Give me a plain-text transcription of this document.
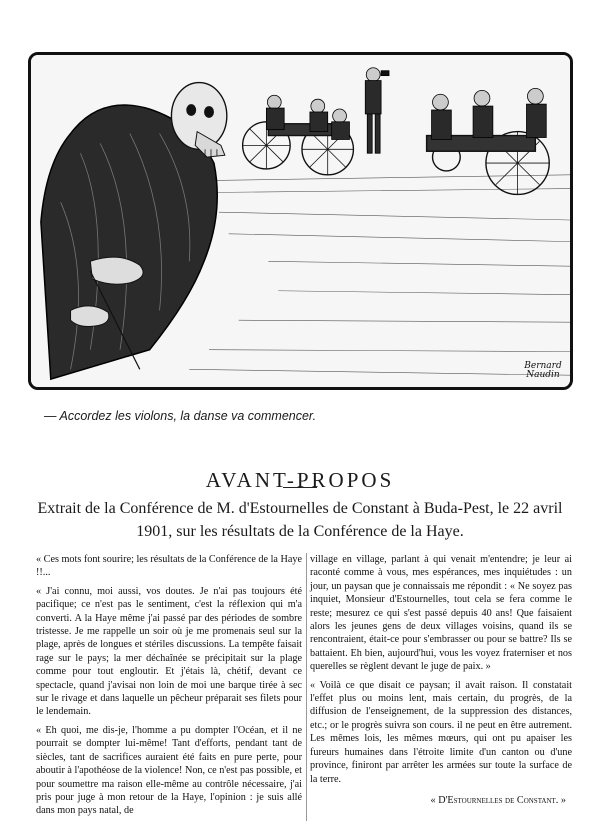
Bernard Naudin
— Accordez les violons, la danse va commencer.
AVANT-PROPOS
Extrait de la Conférence de M. d'Estournelles de Constant à Buda-Pest, le 22 avril 1901, sur les résultats de la Conférence de la Haye.

« Ces mots font sourire; les résultats de la Conférence de la Haye !!...

« J'ai connu, moi aussi, vos doutes. Je n'ai pas toujours été pacifique; ce n'est pas le sentiment, c'est la réflexion qui m'a converti. A la Haye même j'ai passé par des périodes de sombre tristesse. Je me rappelle un soir où je me promenais seul sur la plage, après de longues et stériles discussions. La tempête faisait rage sur le pays; la mer déchaînée se précipitait sur la plage comme pour tout engloutir. Et j'étais là, chétif, devant ce spectacle, quand j'avisai non loin de moi une barque tirée à sec sur le rivage et dans laquelle un pêcheur préparait ses filets pour le lendemain.

« Eh quoi, me dis-je, l'homme a pu dompter l'Océan, et il ne pourrait se dompter lui-même! Tant d'efforts, pendant tant de siècles, tant de sacrifices auraient été faits en pure perte, pour aboutir à l'apothéose de la violence! Non, ce n'est pas possible, et pour soumettre ma raison elle-même au contrôle nécessaire, j'ai pris pour juge à mon retour de la Haye, l'opinion : je suis allé dans mon pays natal, de

village en village, parlant à qui venait m'entendre; je leur ai raconté comme à vous, mes espérances, mes inquiétudes : un jour, un paysan que je connaissais me répondit : « Ne soyez pas inquiet, Monsieur d'Estournelles, tout cela se fera comme le reste; mesurez ce qui s'est passé depuis 40 ans! Que faisaient alors les jeunes gens de deux villages voisins, quand ils se rencontraient, était-ce pour s'embrasser ou pour se battre? Ils se battaient. Eh bien, aujourd'hui, vous les voyez fraterniser et nos querelles se règlent devant le juge de paix. »

« Voilà ce que disait ce paysan; il avait raison. Il constatait l'effet plus ou moins lent, mais certain, du progrès, de la diffusion de l'enseignement, de la suppression des distances, etc.; or le progrès suivra son cours. il ne peut en être autrement. Les mêmes lois, les mêmes mœurs, qui ont pu apaiser les fureurs humaines dans l'étroite limite d'un canton ou d'une province, finiront par arrêter les armées sur toute la surface de la terre.

« D'Estournelles de Constant. »
